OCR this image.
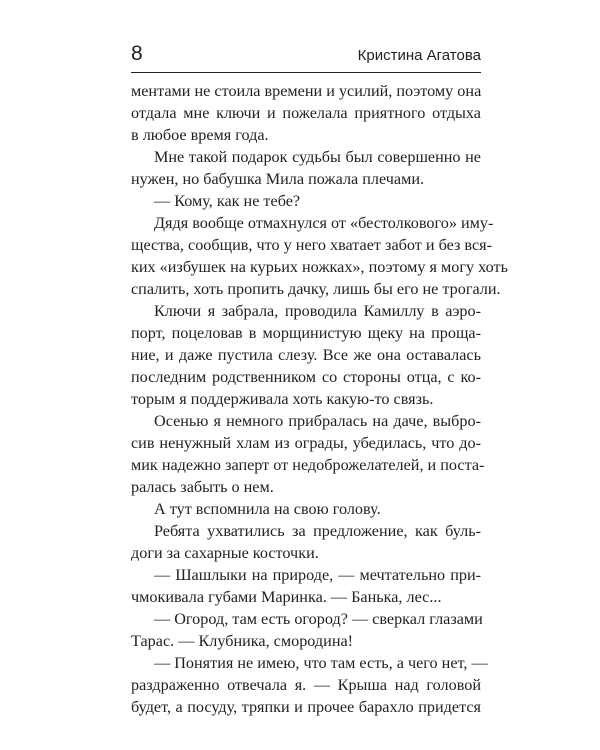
8	Кристина Агатова
ментами не стоила времени и усилий, поэтому она
отдала мне ключи и пожелала приятного отдыха
в любое время года.
Мне такой подарок судьбы был совершенно не
нужен, но бабушка Мила пожала плечами.
— Кому, как не тебе?
Дядя вообще отмахнулся от «бестолкового» иму-
щества, сообщив, что у него хватает забот и без вся-
ких «избушек на курьих ножках», поэтому я могу хоть
спалить, хоть пропить дачку, лишь бы его не трогали.
Ключи я забрала, проводила Камиллу в аэро-
порт, поцеловав в морщинистую щеку на проща-
ние, и даже пустила слезу. Все же она оставалась
последним родственником со стороны отца, с ко-
торым я поддерживала хоть какую-то связь.
Осенью я немного прибралась на даче, выбро-
сив ненужный хлам из ограды, убедилась, что до-
мик надежно заперт от недоброжелателей, и поста-
ралась забыть о нем.
А тут вспомнила на свою голову.
Ребята ухватились за предложение, как буль-
доги за сахарные косточки.
— Шашлыки на природе, — мечтательно при-
чмокивала губами Маринка. — Банька, лес...
— Огород, там есть огород? — сверкал глазами
Тарас. — Клубника, смородина!
— Понятия не имею, что там есть, а чего нет, —
раздраженно отвечала я. — Крыша над головой
будет, а посуду, тряпки и прочее барахло придется
